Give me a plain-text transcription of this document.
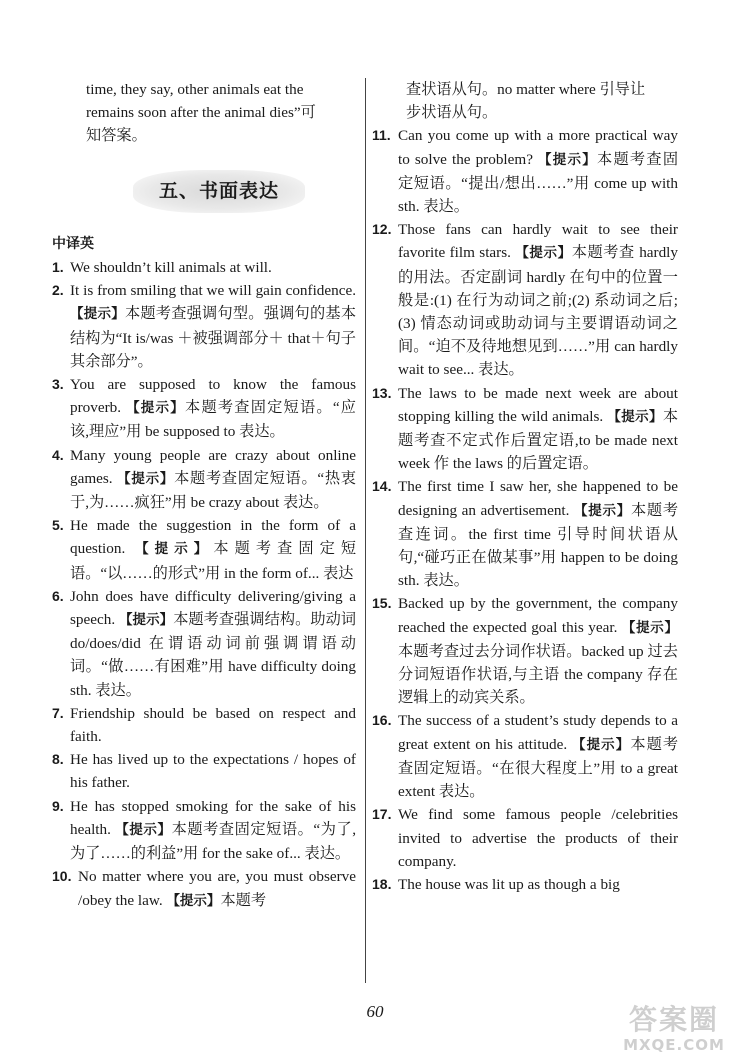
time, they say, other animals eat the

remains soon after the animal dies”可

知答案。

五、书面表达

中译英

1. We shouldn’t kill animals at will.
2. It is from smiling that we will gain confidence. 【提示】本题考查强调句型。强调句的基本结构为“It is/was ＋被强调部分＋ that＋句子其余部分”。
3. You are supposed to know the famous proverb. 【提示】本题考查固定短语。“应该,理应”用 be supposed to 表达。
4. Many young people are crazy about online games. 【提示】本题考查固定短语。“热衷于,为……疯狂”用 be crazy about 表达。
5. He made the suggestion in the form of a question. 【提示】本题考查固定短语。“以……的形式”用 in the form of... 表达
6. John does have difficulty delivering/giving a speech. 【提示】本题考查强调结构。助动词 do/does/did 在谓语动词前强调谓语动词。“做……有困难”用 have difficulty doing sth. 表达。
7. Friendship should be based on respect and faith.
8. He has lived up to the expectations / hopes of his father.
9. He has stopped smoking for the sake of his health. 【提示】本题考查固定短语。“为了,为了……的利益”用 for the sake of... 表达。
10. No matter where you are, you must observe /obey the law. 【提示】本题考

查状语从句。no matter where 引导让

步状语从句。

11. Can you come up with a more practical way to solve the problem? 【提示】本题考查固定短语。“提出/想出……”用 come up with sth. 表达。
12. Those fans can hardly wait to see their favorite film stars. 【提示】本题考查 hardly 的用法。否定副词 hardly 在句中的位置一般是:(1) 在行为动词之前;(2) 系动词之后;(3) 情态动词或助动词与主要谓语动词之间。“迫不及待地想见到……”用 can hardly wait to see... 表达。
13. The laws to be made next week are about stopping killing the wild animals. 【提示】本题考查不定式作后置定语,to be made next week 作 the laws 的后置定语。
14. The first time I saw her, she happened to be designing an advertisement. 【提示】本题考查连词。the first time 引导时间状语从句,“碰巧正在做某事”用 happen to be doing sth. 表达。
15. Backed up by the government, the company reached the expected goal this year. 【提示】本题考查过去分词作状语。backed up 过去分词短语作状语,与主语 the company 存在逻辑上的动宾关系。
16. The success of a student’s study depends to a great extent on his attitude. 【提示】本题考查固定短语。“在很大程度上”用 to a great extent 表达。
17. We find some famous people /celebrities invited to advertise the products of their company.
18. The house was lit up as though a big
60	答案圈
MXQE.COM
